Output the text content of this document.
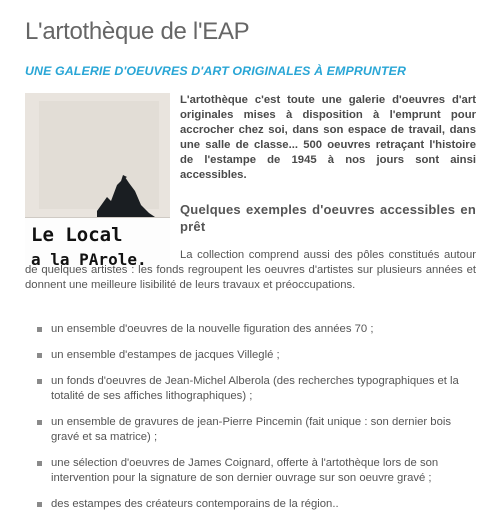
L'artothèque de l'EAP
UNE GALERIE D'OEUVRES D'ART ORIGINALES À EMPRUNTER
Le Local
a la PArole.

L'artothèque c'est toute une galerie d'oeuvres d'art originales mises à disposition à l'emprunt pour accrocher chez soi, dans son espace de travail, dans une salle de classe... 500 oeuvres retraçant l'histoire de l'estampe de 1945 à nos jours sont ainsi accessibles.

Quelques exemples d'oeuvres accessibles en prêt

La collection comprend aussi des pôles constitués autour de quelques artistes : les fonds regroupent les oeuvres d'artistes sur plusieurs années et donnent une meilleure lisibilité de leurs travaux et préoccupations.

un ensemble d'oeuvres de la nouvelle figuration des années 70 ;
un ensemble d'estampes de jacques Villeglé ;
un fonds d'oeuvres de Jean-Michel Alberola (des recherches typographiques et la totalité de ses affiches lithographiques) ;
un ensemble de gravures de jean-Pierre Pincemin (fait unique : son dernier bois gravé et sa matrice) ;
une sélection d'oeuvres de James Coignard, offerte à l'artothèque lors de son intervention pour la signature de son dernier ouvrage sur son oeuvre gravé ;
des estampes des créateurs contemporains de la région..
